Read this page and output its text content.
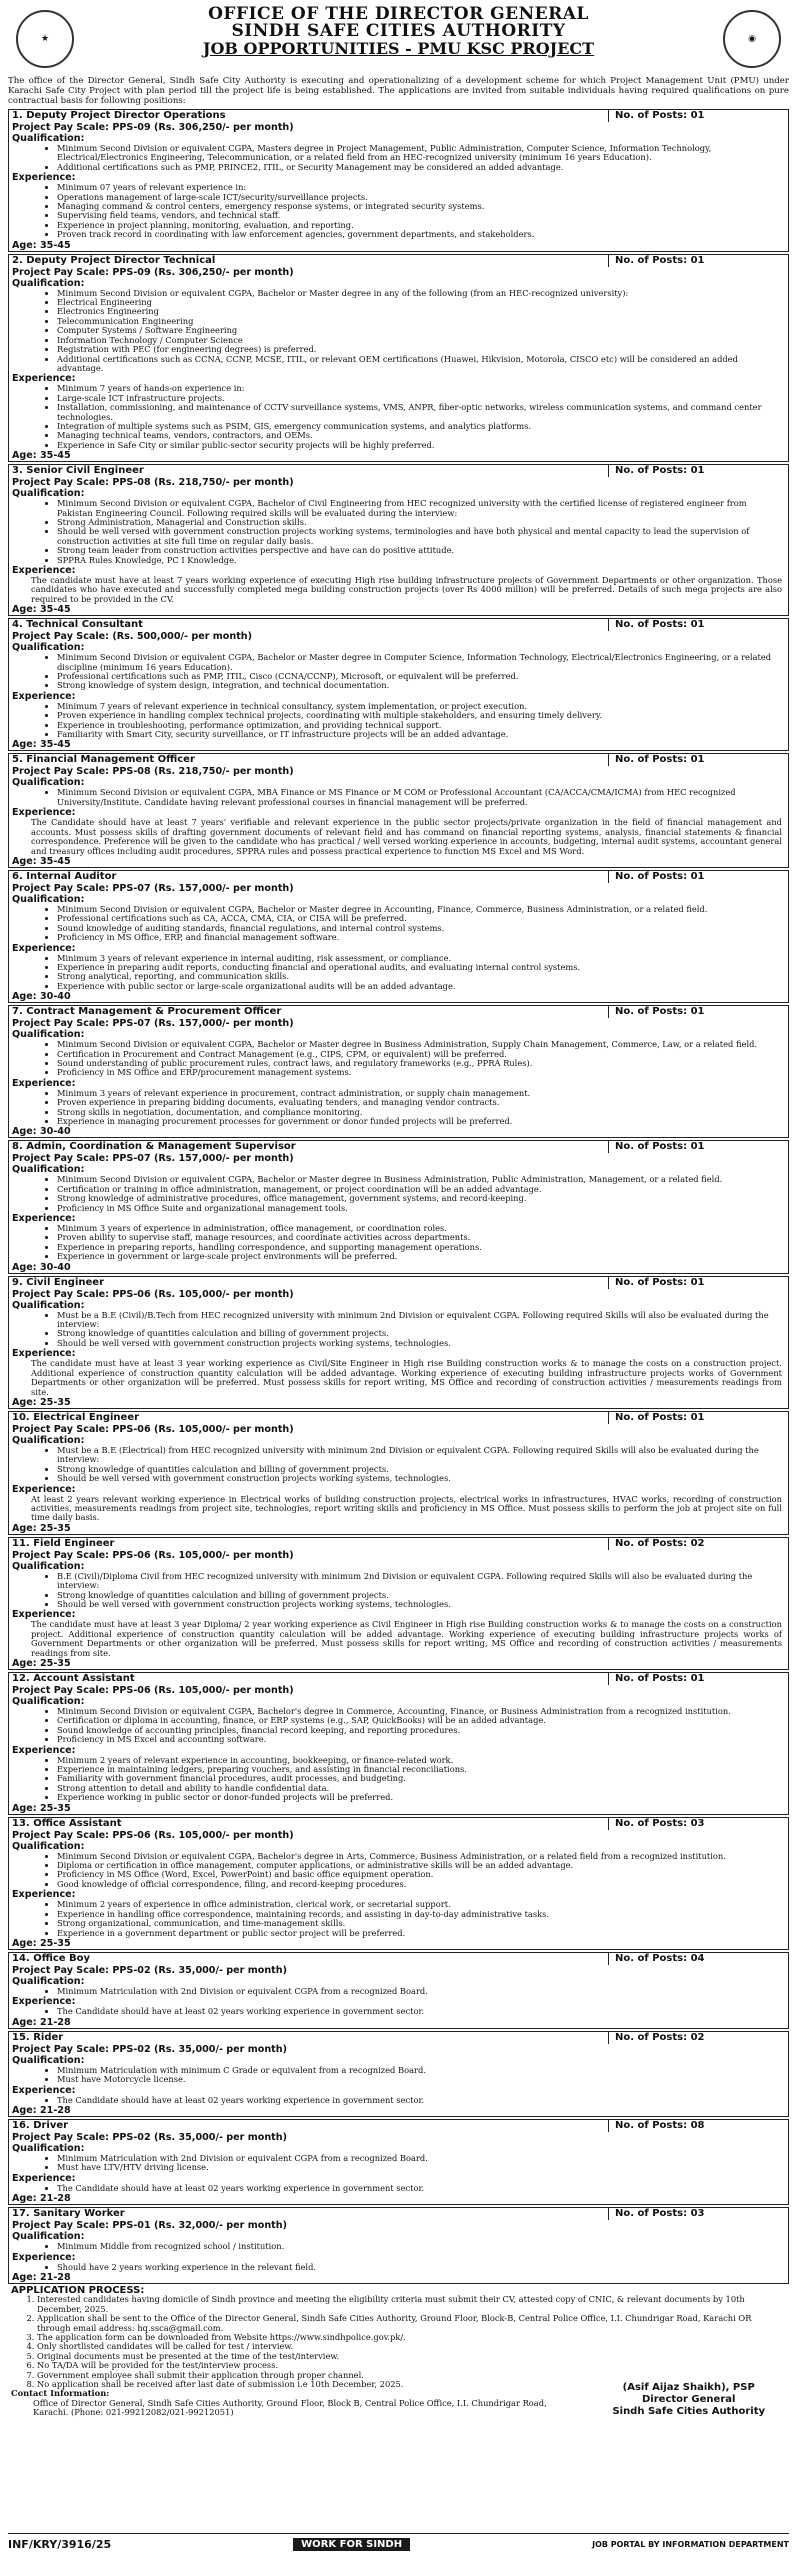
★	◉
OFFICE OF THE DIRECTOR GENERAL
SINDH SAFE CITIES AUTHORITY
JOB OPPORTUNITIES - PMU KSC PROJECT
The office of the Director General, Sindh Safe City Authority is executing and operationalizing of a development scheme for which Project Management Unit (PMU) under Karachi Safe City Project with plan period till the project life is being established. The applications are invited from suitable individuals having required qualifications on pure contractual basis for following positions:
1. Deputy Project Director Operations	No. of Posts: 01
Project Pay Scale: PPS-09 (Rs. 306,250/- per month)
Qualification:
• Minimum Second Division or equivalent CGPA, Masters degree in Project Management, Public Administration, Computer Science, Information Technology, Electrical/Electronics Engineering, Telecommunication, or a related field from an HEC-recognized university (minimum 16 years Education).
• Additional certifications such as PMP, PRINCE2, ITIL, or Security Management may be considered an added advantage.
Experience:
• Minimum 07 years of relevant experience in:
• Operations management of large-scale ICT/security/surveillance projects.
• Managing command & control centers, emergency response systems, or integrated security systems.
• Supervising field teams, vendors, and technical staff.
• Experience in project planning, monitoring, evaluation, and reporting.
• Proven track record in coordinating with law enforcement agencies, government departments, and stakeholders.
Age: 35-45
2. Deputy Project Director Technical	No. of Posts: 01
Project Pay Scale: PPS-09 (Rs. 306,250/- per month)
Qualification:
• Minimum Second Division or equivalent CGPA, Bachelor or Master degree in any of the following (from an HEC-recognized university):
• Electrical Engineering
• Electronics Engineering
• Telecommunication Engineering
• Computer Systems / Software Engineering
• Information Technology / Computer Science
• Registration with PEC (for engineering degrees) is preferred.
• Additional certifications such as CCNA, CCNP, MCSE, ITIL, or relevant OEM certifications (Huawei, Hikvision, Motorola, CISCO etc) will be considered an added advantage.
Experience:
• Minimum 7 years of hands-on experience in:
• Large-scale ICT infrastructure projects.
• Installation, commissioning, and maintenance of CCTV surveillance systems, VMS, ANPR, fiber-optic networks, wireless communication systems, and command center technologies.
• Integration of multiple systems such as PSIM, GIS, emergency communication systems, and analytics platforms.
• Managing technical teams, vendors, contractors, and OEMs.
• Experience in Safe City or similar public-sector security projects will be highly preferred.
Age: 35-45
3. Senior Civil Engineer	No. of Posts: 01
Project Pay Scale: PPS-08 (Rs. 218,750/- per month)
Qualification:
• Minimum Second Division or equivalent CGPA, Bachelor of Civil Engineering from HEC recognized university with the certified license of registered engineer from Pakistan Engineering Council. Following required skills will be evaluated during the interview:
• Strong Administration, Managerial and Construction skills.
• Should be well versed with government construction projects working systems, terminologies and have both physical and mental capacity to lead the supervision of construction activities at site full time on regular daily basis.
• Strong team leader from construction activities perspective and have can do positive attitude.
• SPPRA Rules Knowledge, PC I Knowledge.
Experience:
The candidate must have at least 7 years working experience of executing High rise building infrastructure projects of Government Departments or other organization. Those candidates who have executed and successfully completed mega building construction projects (over Rs 4000 million) will be preferred. Details of such mega projects are also required to be provided in the CV.
Age: 35-45
4. Technical Consultant	No. of Posts: 01
Project Pay Scale: (Rs. 500,000/- per month)
Qualification:
• Minimum Second Division or equivalent CGPA, Bachelor or Master degree in Computer Science, Information Technology, Electrical/Electronics Engineering, or a related discipline (minimum 16 years Education).
• Professional certifications such as PMP, ITIL, Cisco (CCNA/CCNP), Microsoft, or equivalent will be preferred.
• Strong knowledge of system design, integration, and technical documentation.
Experience:
• Minimum 7 years of relevant experience in technical consultancy, system implementation, or project execution.
• Proven experience in handling complex technical projects, coordinating with multiple stakeholders, and ensuring timely delivery.
• Experience in troubleshooting, performance optimization, and providing technical support.
• Familiarity with Smart City, security surveillance, or IT infrastructure projects will be an added advantage.
Age: 35-45
5. Financial Management Officer	No. of Posts: 01
Project Pay Scale: PPS-08 (Rs. 218,750/- per month)
Qualification:
• Minimum Second Division or equivalent CGPA, MBA Finance or MS Finance or M COM or Professional Accountant (CA/ACCA/CMA/ICMA) from HEC recognized University/Institute. Candidate having relevant professional courses in financial management will be preferred.
Experience:
The Candidate should have at least 7 years' verifiable and relevant experience in the public sector projects/private organization in the field of financial management and accounts. Must possess skills of drafting government documents of relevant field and has command on financial reporting systems, analysis, financial statements & financial correspondence. Preference will be given to the candidate who has practical / well versed working experience in accounts, budgeting, internal audit systems, accountant general and treasury offices including audit procedures, SPPRA rules and possess practical experience to function MS Excel and MS Word.
Age: 35-45
6. Internal Auditor	No. of Posts: 01
Project Pay Scale: PPS-07 (Rs. 157,000/- per month)
Qualification:
• Minimum Second Division or equivalent CGPA, Bachelor or Master degree in Accounting, Finance, Commerce, Business Administration, or a related field.
• Professional certifications such as CA, ACCA, CMA, CIA, or CISA will be preferred.
• Sound knowledge of auditing standards, financial regulations, and internal control systems.
• Proficiency in MS Office, ERP, and financial management software.
Experience:
• Minimum 3 years of relevant experience in internal auditing, risk assessment, or compliance.
• Experience in preparing audit reports, conducting financial and operational audits, and evaluating internal control systems.
• Strong analytical, reporting, and communication skills.
• Experience with public sector or large-scale organizational audits will be an added advantage.
Age: 30-40
7. Contract Management & Procurement Officer	No. of Posts: 01
Project Pay Scale: PPS-07 (Rs. 157,000/- per month)
Qualification:
• Minimum Second Division or equivalent CGPA, Bachelor or Master degree in Business Administration, Supply Chain Management, Commerce, Law, or a related field.
• Certification in Procurement and Contract Management (e.g., CIPS, CPM, or equivalent) will be preferred.
• Sound understanding of public procurement rules, contract laws, and regulatory frameworks (e.g., PPRA Rules).
• Proficiency in MS Office and ERP/procurement management systems.
Experience:
• Minimum 3 years of relevant experience in procurement, contract administration, or supply chain management.
• Proven experience in preparing bidding documents, evaluating tenders, and managing vendor contracts.
• Strong skills in negotiation, documentation, and compliance monitoring.
• Experience in managing procurement processes for government or donor funded projects will be preferred.
Age: 30-40
8. Admin, Coordination & Management Supervisor	No. of Posts: 01
Project Pay Scale: PPS-07 (Rs. 157,000/- per month)
Qualification:
• Minimum Second Division or equivalent CGPA, Bachelor or Master degree in Business Administration, Public Administration, Management, or a related field.
• Certification or training in office administration, management, or project coordination will be an added advantage.
• Strong knowledge of administrative procedures, office management, government systems, and record-keeping.
• Proficiency in MS Office Suite and organizational management tools.
Experience:
• Minimum 3 years of experience in administration, office management, or coordination roles.
• Proven ability to supervise staff, manage resources, and coordinate activities across departments.
• Experience in preparing reports, handling correspondence, and supporting management operations.
• Experience in government or large-scale project environments will be preferred.
Age: 30-40
9. Civil Engineer	No. of Posts: 01
Project Pay Scale: PPS-06 (Rs. 105,000/- per month)
Qualification:
• Must be a B.E (Civil)/B.Tech from HEC recognized university with minimum 2nd Division or equivalent CGPA. Following required Skills will also be evaluated during the interview:
• Strong knowledge of quantities calculation and billing of government projects.
• Should be well versed with government construction projects working systems, technologies.
Experience:
The candidate must have at least 3 year working experience as Civil/Site Engineer in High rise Building construction works & to manage the costs on a construction project. Additional experience of construction quantity calculation will be added advantage. Working experience of executing building infrastructure projects works of Government Departments or other organization will be preferred. Must possess skills for report writing, MS Office and recording of construction activities / measurements readings from site.
Age: 25-35
10. Electrical Engineer	No. of Posts: 01
Project Pay Scale: PPS-06 (Rs. 105,000/- per month)
Qualification:
• Must be a B.E (Electrical) from HEC recognized university with minimum 2nd Division or equivalent CGPA. Following required Skills will also be evaluated during the interview:
• Strong knowledge of quantities calculation and billing of government projects.
• Should be well versed with government construction projects working systems, technologies.
Experience:
At least 2 years relevant working experience in Electrical works of building construction projects, electrical works in infrastructures, HVAC works, recording of construction activities, measurements readings from project site, technologies, report writing skills and proficiency in MS Office. Must possess skills to perform the job at project site on full time daily basis.
Age: 25-35
11. Field Engineer	No. of Posts: 02
Project Pay Scale: PPS-06 (Rs. 105,000/- per month)
Qualification:
• B.E (Civil)/Diploma Civil from HEC recognized university with minimum 2nd Division or equivalent CGPA. Following required Skills will also be evaluated during the interview:
• Strong knowledge of quantities calculation and billing of government projects.
• Should be well versed with government construction projects working systems, technologies.
Experience:
The candidate must have at least 3 year Diploma/ 2 year working experience as Civil Engineer in High rise Building construction works & to manage the costs on a construction project. Additional experience of construction quantity calculation will be added advantage. Working experience of executing building infrastructure projects works of Government Departments or other organization will be preferred. Must possess skills for report writing, MS Office and recording of construction activities / measurements readings from site.
Age: 25-35
12. Account Assistant	No. of Posts: 01
Project Pay Scale: PPS-06 (Rs. 105,000/- per month)
Qualification:
• Minimum Second Division or equivalent CGPA, Bachelor's degree in Commerce, Accounting, Finance, or Business Administration from a recognized institution.
• Certification or diploma in accounting, finance, or ERP systems (e.g., SAP, QuickBooks) will be an added advantage.
• Sound knowledge of accounting principles, financial record keeping, and reporting procedures.
• Proficiency in MS Excel and accounting software.
Experience:
• Minimum 2 years of relevant experience in accounting, bookkeeping, or finance-related work.
• Experience in maintaining ledgers, preparing vouchers, and assisting in financial reconciliations.
• Familiarity with government financial procedures, audit processes, and budgeting.
• Strong attention to detail and ability to handle confidential data.
• Experience working in public sector or donor-funded projects will be preferred.
Age: 25-35
13. Office Assistant	No. of Posts: 03
Project Pay Scale: PPS-06 (Rs. 105,000/- per month)
Qualification:
• Minimum Second Division or equivalent CGPA, Bachelor's degree in Arts, Commerce, Business Administration, or a related field from a recognized institution.
• Diploma or certification in office management, computer applications, or administrative skills will be an added advantage.
• Proficiency in MS Office (Word, Excel, PowerPoint) and basic office equipment operation.
• Good knowledge of official correspondence, filing, and record-keeping procedures.
Experience:
• Minimum 2 years of experience in office administration, clerical work, or secretarial support.
• Experience in handling office correspondence, maintaining records, and assisting in day-to-day administrative tasks.
• Strong organizational, communication, and time-management skills.
• Experience in a government department or public sector project will be preferred.
Age: 25-35
14. Office Boy	No. of Posts: 04
Project Pay Scale: PPS-02 (Rs. 35,000/- per month)
Qualification:
• Minimum Matriculation with 2nd Division or equivalent CGPA from a recognized Board.
Experience:
• The Candidate should have at least 02 years working experience in government sector.
Age: 21-28
15. Rider	No. of Posts: 02
Project Pay Scale: PPS-02 (Rs. 35,000/- per month)
Qualification:
• Minimum Matriculation with minimum C Grade or equivalent from a recognized Board.
• Must have Motorcycle license.
Experience:
• The Candidate should have at least 02 years working experience in government sector.
Age: 21-28
16. Driver	No. of Posts: 08
Project Pay Scale: PPS-02 (Rs. 35,000/- per month)
Qualification:
• Minimum Matriculation with 2nd Division or equivalent CGPA from a recognized Board.
• Must have LTV/HTV driving license.
Experience:
• The Candidate should have at least 02 years working experience in government sector.
Age: 21-28
17. Sanitary Worker	No. of Posts: 03
Project Pay Scale: PPS-01 (Rs. 32,000/- per month)
Qualification:
• Minimum Middle from recognized school / institution.
Experience:
• Should have 2 years working experience in the relevant field.
Age: 21-28
APPLICATION PROCESS:
1. Interested candidates having domicile of Sindh province and meeting the eligibility criteria must submit their CV, attested copy of CNIC, & relevant documents by 10th December, 2025.
2. Application shall be sent to the Office of the Director General, Sindh Safe Cities Authority, Ground Floor, Block-B, Central Police Office, I.I. Chundrigar Road, Karachi OR through email address: hq.ssca@gmail.com.
3. The application form can be downloaded from Website https://www.sindhpolice.gov.pk/.
4. Only shortlisted candidates will be called for test / interview.
5. Original documents must be presented at the time of the test/interview.
6. No TA/DA will be provided for the test/interview process.
7. Government employee shall submit their application through proper channel.
8. No application shall be received after last date of submission i.e 10th December, 2025.
Contact Information:
Office of Director General, Sindh Safe Cities Authority, Ground Floor, Block B, Central Police Office, I.I. Chundrigar Road, Karachi. (Phone: 021-99212082/021-99212051)
(Asif Aijaz Shaikh), PSP
Director General
Sindh Safe Cities Authority
INF/KRY/3916/25	WORK FOR SINDH	JOB PORTAL BY INFORMATION DEPARTMENT
